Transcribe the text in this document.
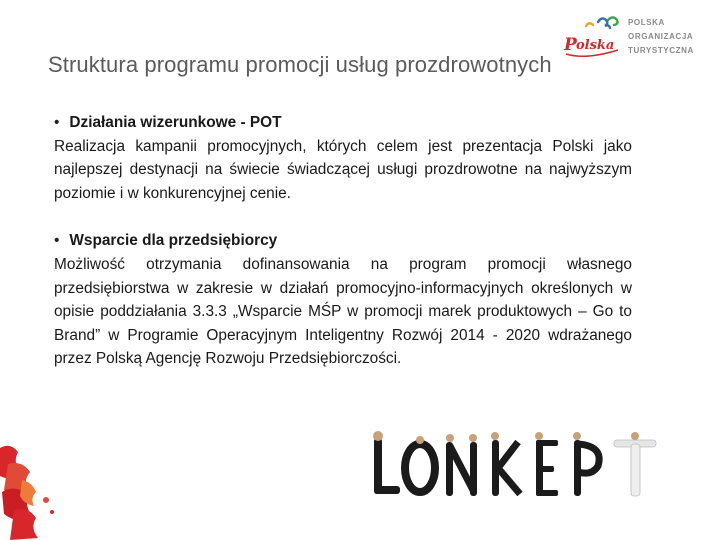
Struktura programu promocji usług prozdrowotnych
P olska
POLSKA
ORGANIZACJA
TURYSTYCZNA
• Działania wizerunkowe - POT
Realizacja kampanii promocyjnych, których celem jest prezentacja Polski jako najlepszej destynacji na świecie świadczącej usługi prozdrowotne na najwyższym poziomie i w konkurencyjnej cenie.
• Wsparcie dla przedsiębiorcy
Możliwość otrzymania dofinansowania na program promocji własnego przedsiębiorstwa w zakresie w działań promocyjno-informacyjnych określonych w opisie poddziałania 3.3.3 „Wsparcie MŚP w promocji marek produktowych – Go to Brand” w Programie Operacyjnym Inteligentny Rozwój 2014 - 2020 wdrażanego przez Polską Agencję Rozwoju Przedsiębiorczości.
